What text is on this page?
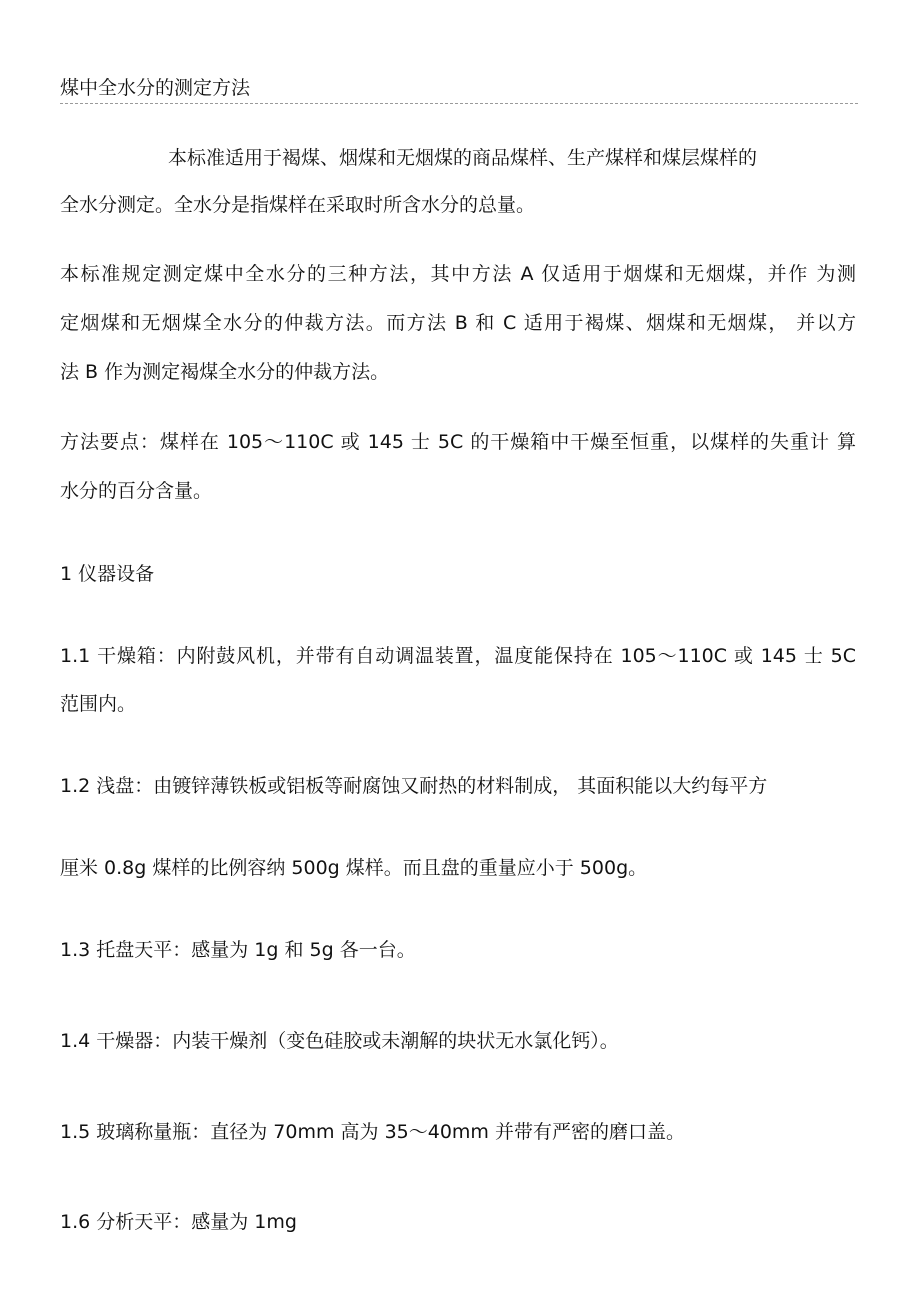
煤中全水分的测定方法
本标准适用于褐煤、烟煤和无烟煤的商品煤样、生产煤样和煤层煤样的
全水分测定。全水分是指煤样在采取时所含水分的总量。
本标准规定测定煤中全水分的三种方法，其中方法 A 仅适用于烟煤和无烟煤，并作 为测
定烟煤和无烟煤全水分的仲裁方法。而方法 B 和 C 适用于褐煤、烟煤和无烟煤， 并以方
法 B 作为测定褐煤全水分的仲裁方法。
方法要点：煤样在 105～110C 或 145 士 5C 的干燥箱中干燥至恒重，以煤样的失重计 算
水分的百分含量。
1 仪器设备
1.1 干燥箱：内附鼓风机，并带有自动调温装置，温度能保持在 105～110C 或 145 士 5C
范围内。
1.2 浅盘：由镀锌薄铁板或铝板等耐腐蚀又耐热的材料制成， 其面积能以大约每平方
厘米 0.8g 煤样的比例容纳 500g 煤样。而且盘的重量应小于 500g。
1.3 托盘天平：感量为 1g 和 5g 各一台。
1.4 干燥器：内装干燥剂（变色硅胶或未潮解的块状无水氯化钙）。
1.5 玻璃称量瓶：直径为 70mm 高为 35～40mm 并带有严密的磨口盖。
1.6 分析天平：感量为 1mg
